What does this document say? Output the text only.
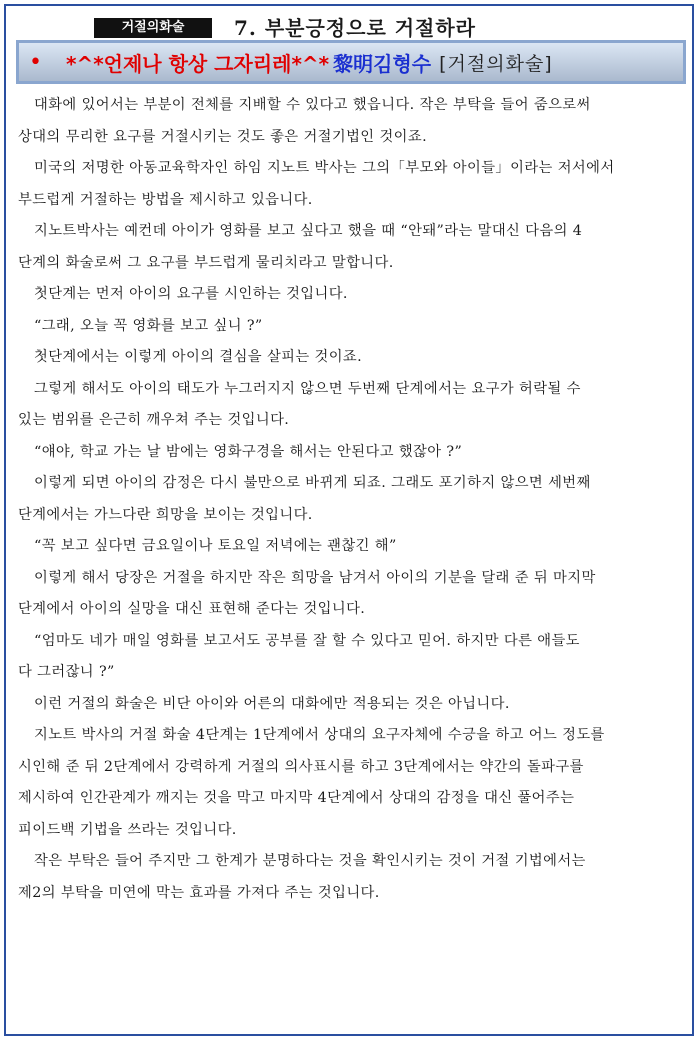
거절의화술	7. 부분긍정으로 거절하라
• *^*언제나 항상 그자리레*^* 黎明김형수 [거절의화술]

대화에 있어서는 부분이 전체를 지배할 수 있다고 했읍니다. 작은 부탁을 들어 줌으로써

상대의 무리한 요구를 거절시키는 것도 좋은 거절기법인 것이죠.

미국의 저명한 아동교육학자인 하임 지노트 박사는 그의「부모와 아이들」이라는 저서에서

부드럽게 거절하는 방법을 제시하고 있읍니다.

지노트박사는 예컨데 아이가 영화를 보고 싶다고 했을 때 “안돼”라는 말대신 다음의 4

단계의 화술로써 그 요구를 부드럽게 물리치라고 말합니다.

첫단계는 먼저 아이의 요구를 시인하는 것입니다.

“그래, 오늘 꼭 영화를 보고 싶니 ?”

첫단계에서는 이렇게 아이의 결심을 살피는 것이죠.

그렇게 해서도 아이의 태도가 누그러지지 않으면 두번째 단계에서는 요구가 허락될 수

있는 범위를 은근히 깨우쳐 주는 것입니다.

“얘야, 학교 가는 날 밤에는 영화구경을 해서는 안된다고 했잖아 ?”

이렇게 되면 아이의 감정은 다시 불만으로 바뀌게 되죠. 그래도 포기하지 않으면 세번째

단계에서는 가느다란 희망을 보이는 것입니다.

“꼭 보고 싶다면 금요일이나 토요일 저녁에는 괜찮긴 해”

이렇게 해서 당장은 거절을 하지만 작은 희망을 남겨서 아이의 기분을 달래 준 뒤 마지막

단계에서 아이의 실망을 대신 표현해 준다는 것입니다.

“엄마도 네가 매일 영화를 보고서도 공부를 잘 할 수 있다고 믿어. 하지만 다른 애들도

다 그러잖니 ?”

이런 거절의 화술은 비단 아이와 어른의 대화에만 적용되는 것은 아닙니다.

지노트 박사의 거절 화술 4단계는 1단계에서 상대의 요구자체에 수긍을 하고 어느 정도를

시인해 준 뒤 2단계에서 강력하게 거절의 의사표시를 하고 3단계에서는 약간의 돌파구를

제시하여 인간관계가 깨지는 것을 막고 마지막 4단계에서 상대의 감정을 대신 풀어주는

피이드백 기법을 쓰라는 것입니다.

작은 부탁은 들어 주지만 그 한계가 분명하다는 것을 확인시키는 것이 거절 기법에서는

제2의 부탁을 미연에 막는 효과를 가져다 주는 것입니다.
